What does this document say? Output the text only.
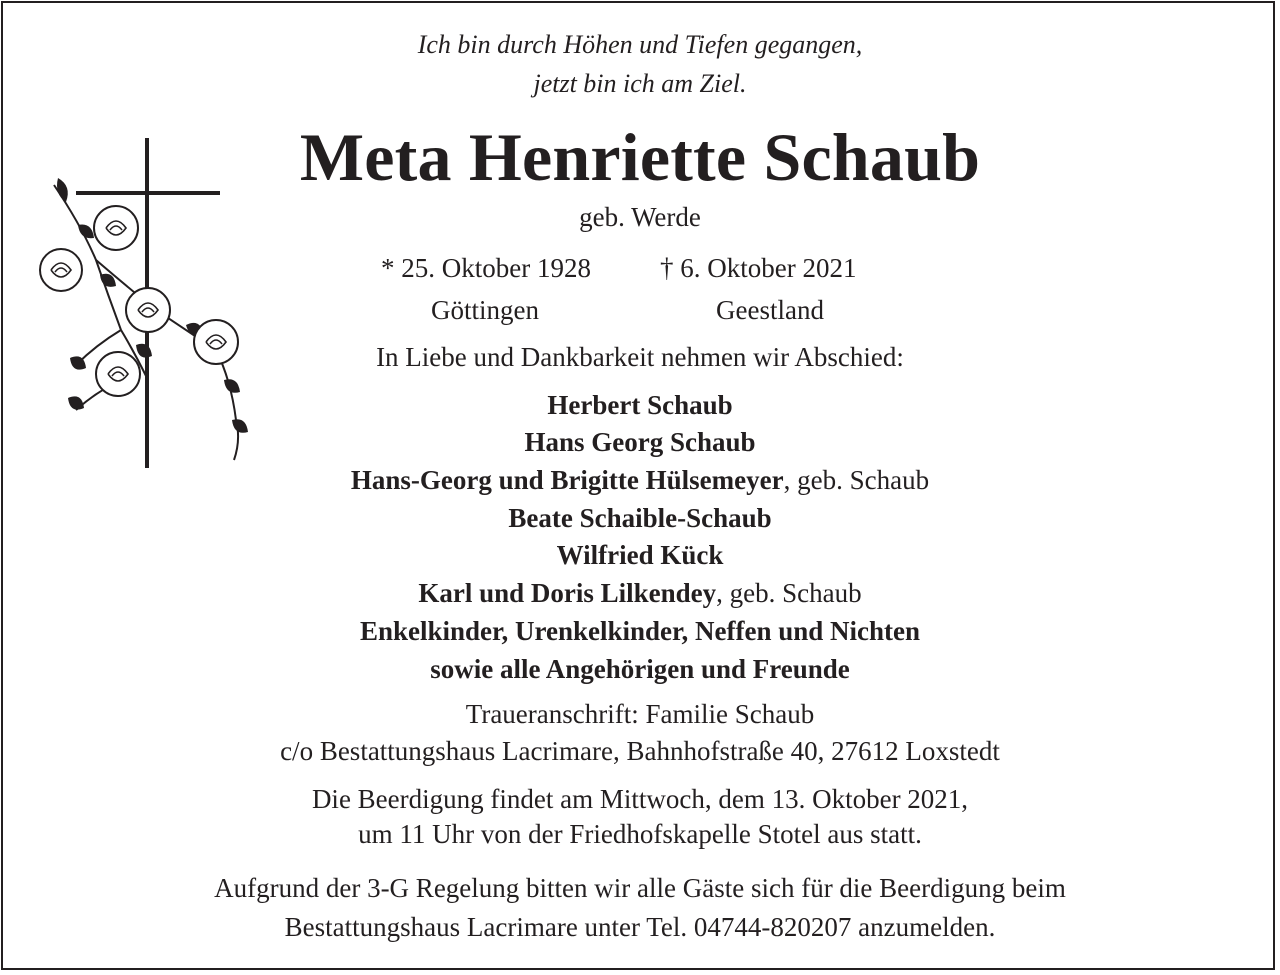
Ich bin durch Höhen und Tiefen gegangen,
jetzt bin ich am Ziel.
Meta Henriette Schaub
geb. Werde
* 25. Oktober 1928	† 6. Oktober 2021
Göttingen	Geestland
In Liebe und Dankbarkeit nehmen wir Abschied:
Herbert Schaub
Hans Georg Schaub
Hans-Georg und Brigitte Hülsemeyer, geb. Schaub
Beate Schaible-Schaub
Wilfried Kück
Karl und Doris Lilkendey, geb. Schaub
Enkelkinder, Urenkelkinder, Neffen und Nichten
sowie alle Angehörigen und Freunde
Traueranschrift: Familie Schaub
c/o Bestattungshaus Lacrimare, Bahnhofstraße 40, 27612 Loxstedt
Die Beerdigung findet am Mittwoch, dem 13. Oktober 2021,
um 11 Uhr von der Friedhofskapelle Stotel aus statt.
Aufgrund der 3-G Regelung bitten wir alle Gäste sich für die Beerdigung beim
Bestattungshaus Lacrimare unter Tel. 04744-820207 anzumelden.
